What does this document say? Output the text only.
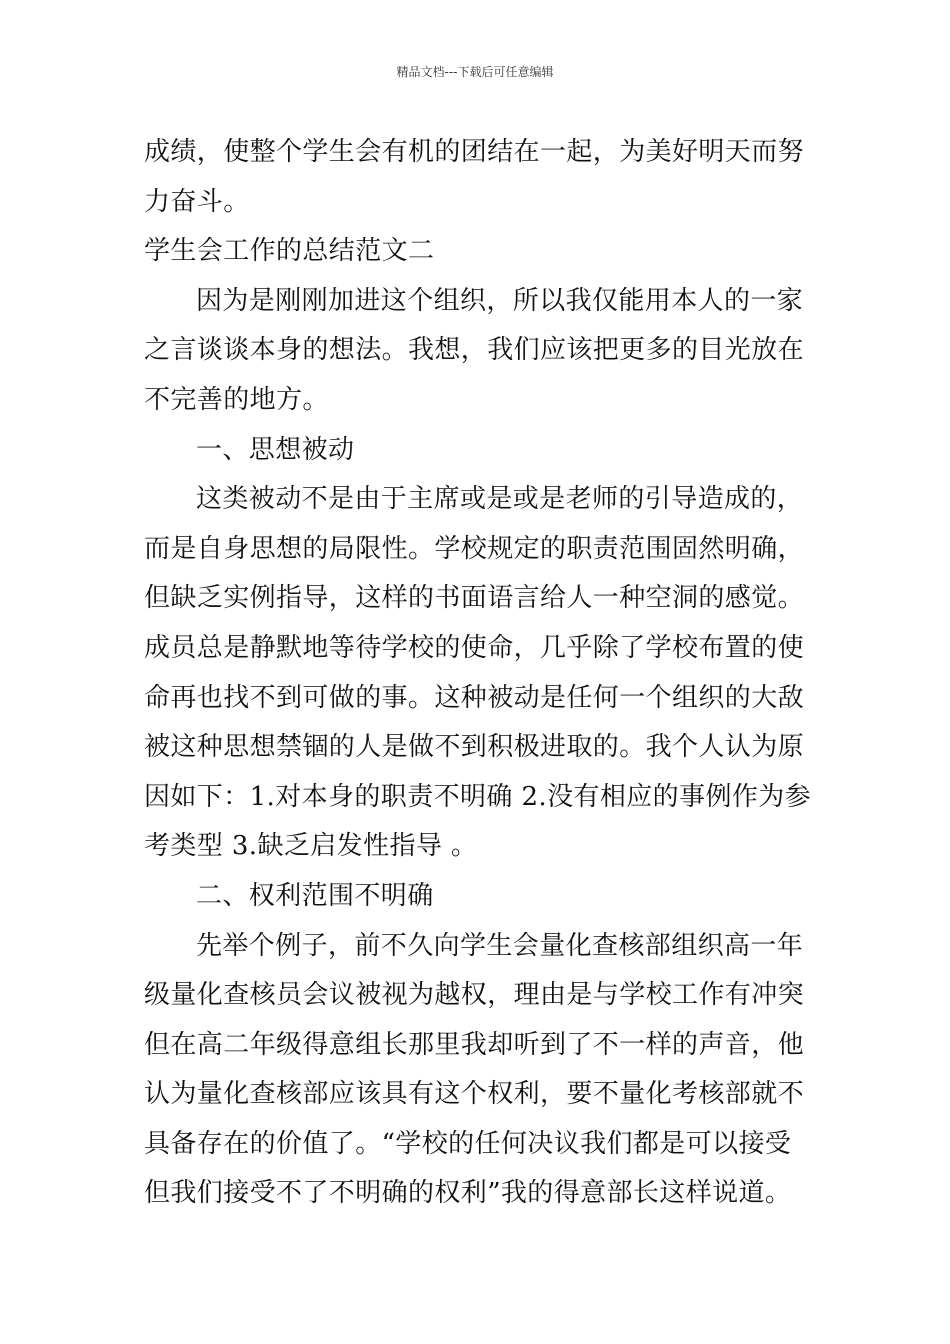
精品文档---下载后可任意编辑
成绩，使整个学生会有机的团结在一起，为美好明天而努
力奋斗。
学生会工作的总结范文二
因为是刚刚加进这个组织，所以我仅能用本人的一家
之言谈谈本身的想法。我想，我们应该把更多的目光放在
不完善的地方。
一、思想被动
这类被动不是由于主席或是或是老师的引导造成的，
而是自身思想的局限性。学校规定的职责范围固然明确，
但缺乏实例指导，这样的书面语言给人一种空洞的感觉。
成员总是静默地等待学校的使命，几乎除了学校布置的使
命再也找不到可做的事。这种被动是任何一个组织的大敌
被这种思想禁锢的人是做不到积极进取的。我个人认为原
因如下：1.对本身的职责不明确 2.没有相应的事例作为参
考类型 3.缺乏启发性指导 。
二、权利范围不明确
先举个例子，前不久向学生会量化查核部组织高一年
级量化查核员会议被视为越权，理由是与学校工作有冲突
但在高二年级得意组长那里我却听到了不一样的声音，他
认为量化查核部应该具有这个权利，要不量化考核部就不
具备存在的价值了。“学校的任何决议我们都是可以接受
但我们接受不了不明确的权利”我的得意部长这样说道。
